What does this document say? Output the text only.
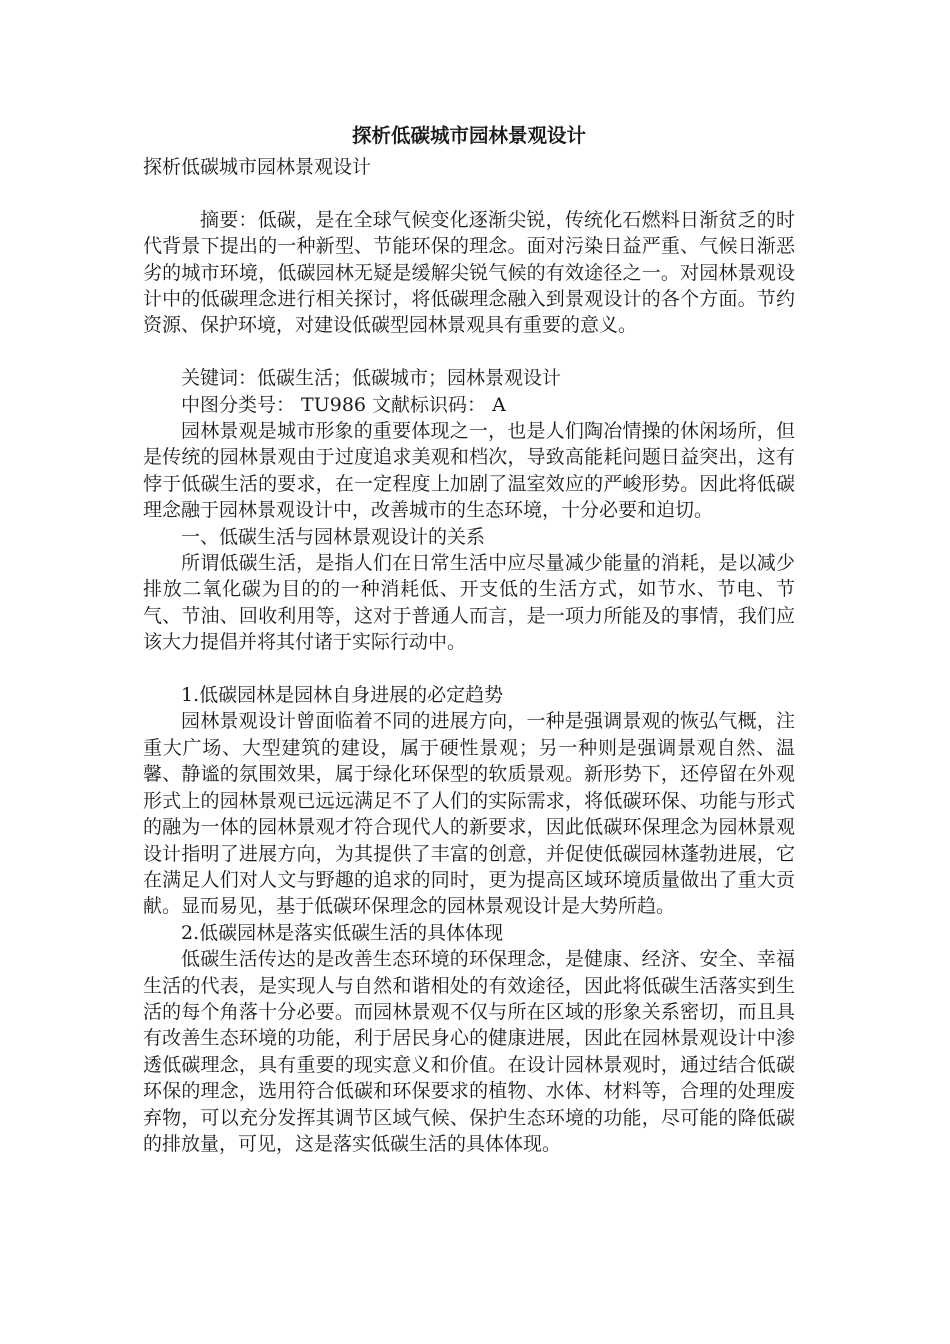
探析低碳城市园林景观设计

探析低碳城市园林景观设计

摘要：低碳，是在全球气候变化逐渐尖锐，传统化石燃料日渐贫乏的时代背景下提出的一种新型、节能环保的理念。面对污染日益严重、气候日渐恶劣的城市环境，低碳园林无疑是缓解尖锐气候的有效途径之一。对园林景观设计中的低碳理念进行相关探讨，将低碳理念融入到景观设计的各个方面。节约资源、保护环境，对建设低碳型园林景观具有重要的意义。

关键词：低碳生活；低碳城市；园林景观设计

中图分类号： TU986 文献标识码： A

园林景观是城市形象的重要体现之一，也是人们陶冶情操的休闲场所，但是传统的园林景观由于过度追求美观和档次，导致高能耗问题日益突出，这有悖于低碳生活的要求，在一定程度上加剧了温室效应的严峻形势。因此将低碳理念融于园林景观设计中，改善城市的生态环境，十分必要和迫切。

一、低碳生活与园林景观设计的关系

所谓低碳生活，是指人们在日常生活中应尽量减少能量的消耗，是以减少排放二氧化碳为目的的一种消耗低、开支低的生活方式，如节水、节电、节气、节油、回收利用等，这对于普通人而言，是一项力所能及的事情，我们应该大力提倡并将其付诸于实际行动中。

1.低碳园林是园林自身进展的必定趋势

园林景观设计曾面临着不同的进展方向，一种是强调景观的恢弘气概，注重大广场、大型建筑的建设，属于硬性景观；另一种则是强调景观自然、温馨、静谧的氛围效果，属于绿化环保型的软质景观。新形势下，还停留在外观形式上的园林景观已远远满足不了人们的实际需求，将低碳环保、功能与形式的融为一体的园林景观才符合现代人的新要求，因此低碳环保理念为园林景观设计指明了进展方向，为其提供了丰富的创意，并促使低碳园林蓬勃进展，它在满足人们对人文与野趣的追求的同时，更为提高区域环境质量做出了重大贡献。显而易见，基于低碳环保理念的园林景观设计是大势所趋。

2.低碳园林是落实低碳生活的具体体现

低碳生活传达的是改善生态环境的环保理念，是健康、经济、安全、幸福生活的代表，是实现人与自然和谐相处的有效途径，因此将低碳生活落实到生活的每个角落十分必要。而园林景观不仅与所在区域的形象关系密切，而且具有改善生态环境的功能，利于居民身心的健康进展，因此在园林景观设计中渗透低碳理念，具有重要的现实意义和价值。在设计园林景观时，通过结合低碳环保的理念，选用符合低碳和环保要求的植物、水体、材料等，合理的处理废弃物，可以充分发挥其调节区域气候、保护生态环境的功能，尽可能的降低碳的排放量，可见，这是落实低碳生活的具体体现。
